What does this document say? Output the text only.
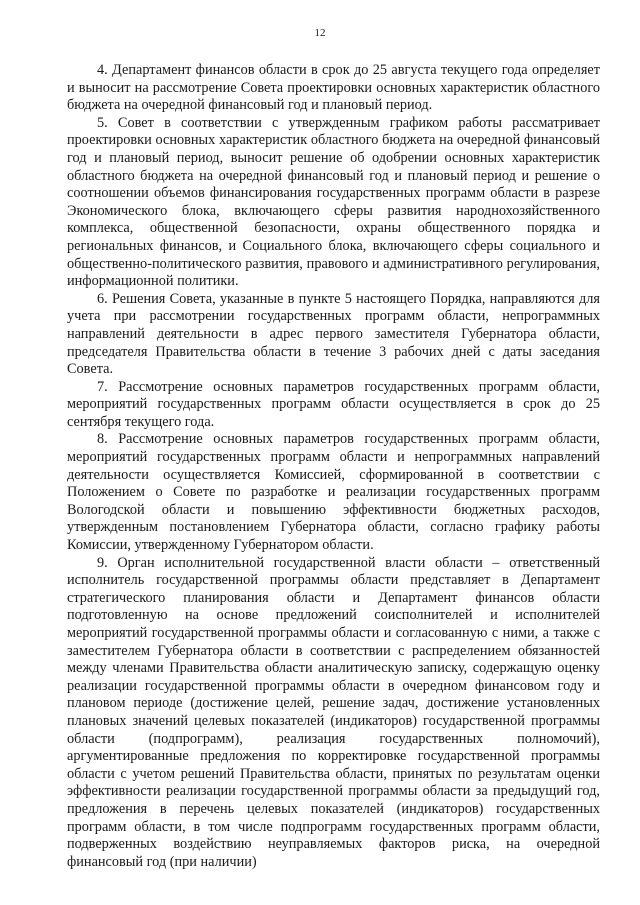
12

4. Департамент финансов области в срок до 25 августа текущего года определяет и выносит на рассмотрение Совета проектировки основных характеристик областного бюджета на очередной финансовый год и плановый период.

5. Совет в соответствии с утвержденным графиком работы рассматривает проектировки основных характеристик областного бюджета на очередной финансовый год и плановый период, выносит решение об одобрении основных характеристик областного бюджета на очередной финансовый год и плановый период и решение о соотношении объемов финансирования государственных программ области в разрезе Экономического блока, включающего сферы развития народнохозяйственного комплекса, общественной безопасности, охраны общественного порядка и региональных финансов, и Социального блока, включающего сферы социального и общественно-политического развития, правового и административного регулирования, информационной политики.

6. Решения Совета, указанные в пункте 5 настоящего Порядка, направляются для учета при рассмотрении государственных программ области, непрограммных направлений деятельности в адрес первого заместителя Губернатора области, председателя Правительства области в течение 3 рабочих дней с даты заседания Совета.

7. Рассмотрение основных параметров государственных программ области, мероприятий государственных программ области осуществляется в срок до 25 сентября текущего года.

8. Рассмотрение основных параметров государственных программ области, мероприятий государственных программ области и непрограммных направлений деятельности осуществляется Комиссией, сформированной в соответствии с Положением о Совете по разработке и реализации государственных программ Вологодской области и повышению эффективности бюджетных расходов, утвержденным постановлением Губернатора области, согласно графику работы Комиссии, утвержденному Губернатором области.

9. Орган исполнительной государственной власти области – ответственный исполнитель государственной программы области представляет в Департамент стратегического планирования области и Департамент финансов области подготовленную на основе предложений соисполнителей и исполнителей мероприятий государственной программы области и согласованную с ними, а также с заместителем Губернатора области в соответствии с распределением обязанностей между членами Правительства области аналитическую записку, содержащую оценку реализации государственной программы области в очередном финансовом году и плановом периоде (достижение целей, решение задач, достижение установленных плановых значений целевых показателей (индикаторов) государственной программы области (подпрограмм), реализация государственных полномочий), аргументированные предложения по корректировке государственной программы области с учетом решений Правительства области, принятых по результатам оценки эффективности реализации государственной программы области за предыдущий год, предложения в перечень целевых показателей (индикаторов) государственных программ области, в том числе подпрограмм государственных программ области, подверженных воздействию неуправляемых факторов риска, на очередной финансовый год (при наличии)
